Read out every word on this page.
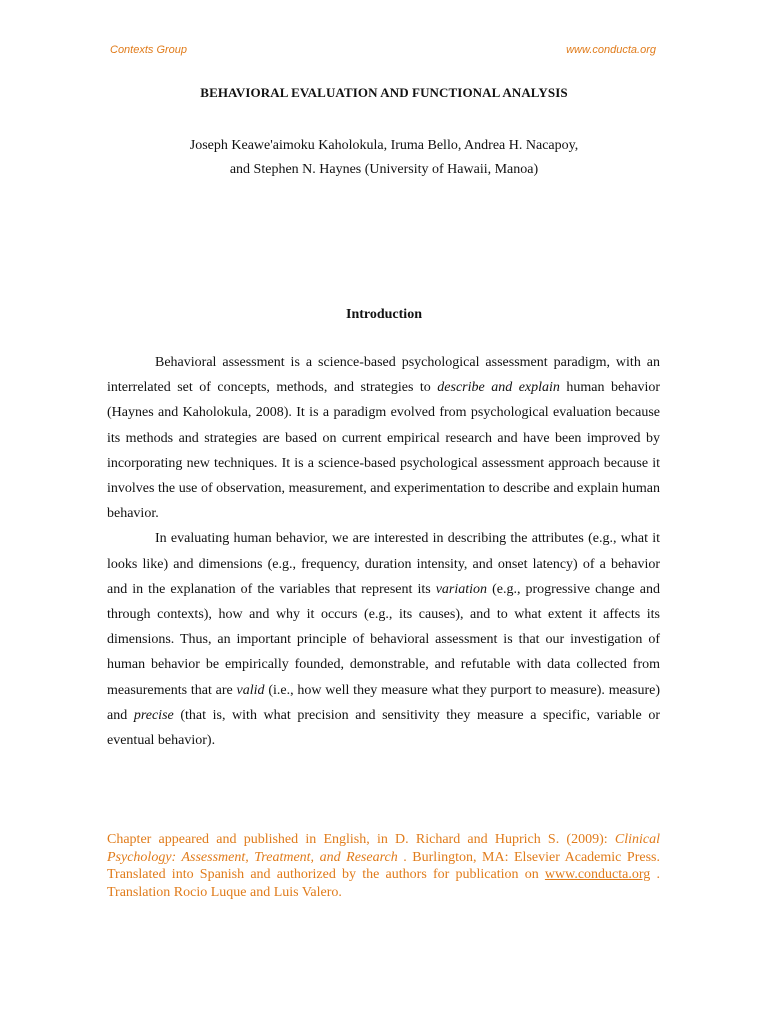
Contexts Group	www.conducta.org
BEHAVIORAL EVALUATION AND FUNCTIONAL ANALYSIS
Joseph Keawe'aimoku Kaholokula, Iruma Bello, Andrea H. Nacapoy,
and Stephen N. Haynes (University of Hawaii, Manoa)
Introduction

Behavioral assessment is a science-based psychological assessment paradigm, with an interrelated set of concepts, methods, and strategies to describe and explain human behavior (Haynes and Kaholokula, 2008). It is a paradigm evolved from psychological evaluation because its methods and strategies are based on current empirical research and have been improved by incorporating new techniques. It is a science-based psychological assessment approach because it involves the use of observation, measurement, and experimentation to describe and explain human behavior.

In evaluating human behavior, we are interested in describing the attributes (e.g., what it looks like) and dimensions (e.g., frequency, duration intensity, and onset latency) of a behavior and in the explanation of the variables that represent its variation (e.g., progressive change and through contexts), how and why it occurs (e.g., its causes), and to what extent it affects its dimensions. Thus, an important principle of behavioral assessment is that our investigation of human behavior be empirically founded, demonstrable, and refutable with data collected from measurements that are valid (i.e., how well they measure what they purport to measure). measure) and precise (that is, with what precision and sensitivity they measure a specific, variable or eventual behavior).

Chapter appeared and published in English, in D. Richard and Huprich S. (2009): Clinical Psychology: Assessment, Treatment, and Research . Burlington, MA: Elsevier Academic Press. Translated into Spanish and authorized by the authors for publication on www.conducta.org . Translation Rocio Luque and Luis Valero.
